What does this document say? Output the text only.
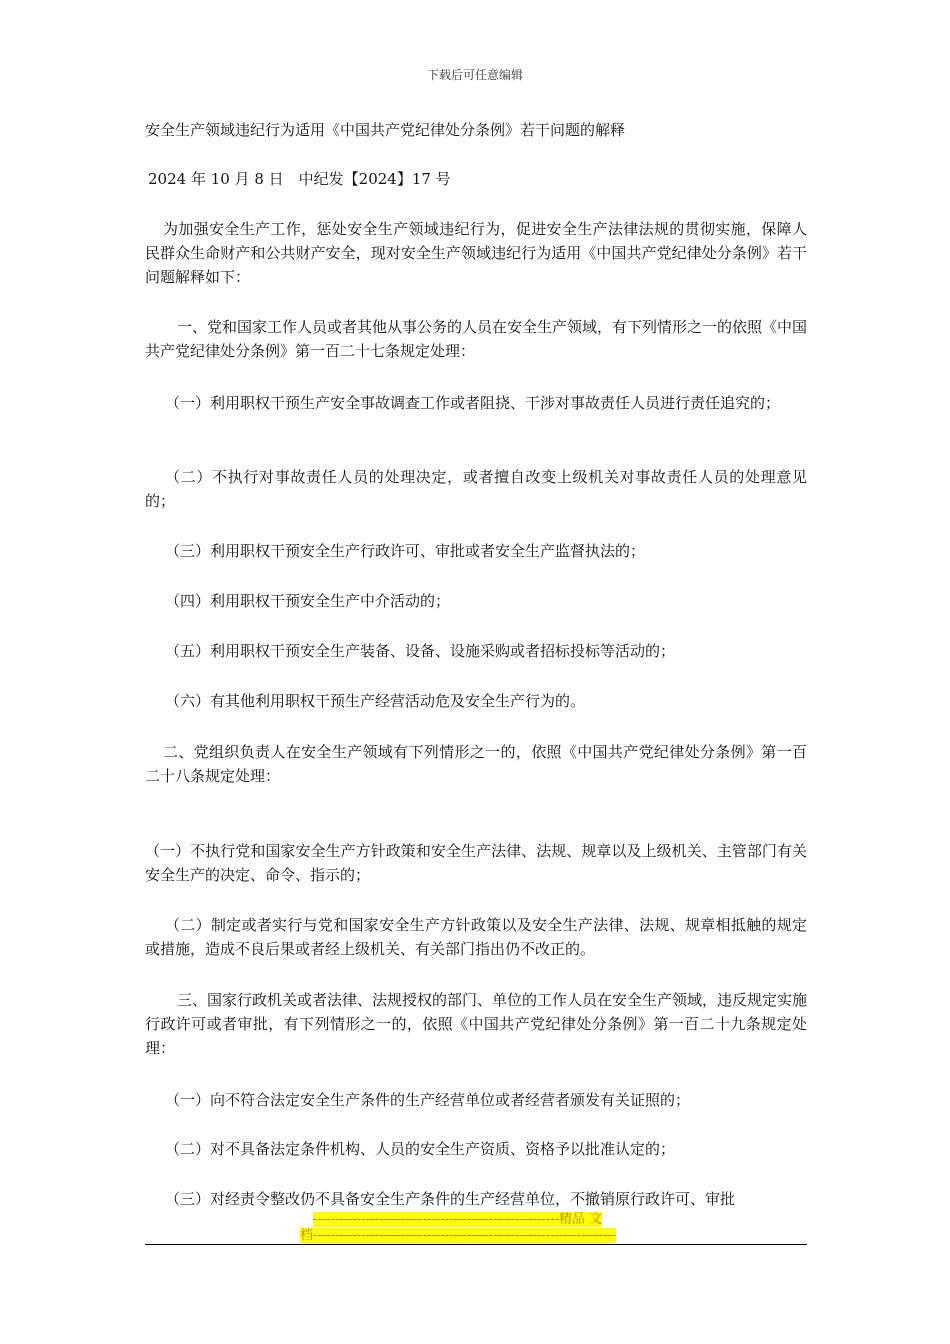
下载后可任意编辑

安全生产领域违纪行为适用《中国共产党纪律处分条例》若干问题的解释

2024 年 10 月 8 日　中纪发【2024】17 号

为加强安全生产工作，惩处安全生产领域违纪行为，促进安全生产法律法规的贯彻实施，保障人民群众生命财产和公共财产安全，现对安全生产领域违纪行为适用《中国共产党纪律处分条例》若干问题解释如下：

一、党和国家工作人员或者其他从事公务的人员在安全生产领域，有下列情形之一的依照《中国共产党纪律处分条例》第一百二十七条规定处理：

（一）利用职权干预生产安全事故调查工作或者阻挠、干涉对事故责任人员进行责任追究的；

（二）不执行对事故责任人员的处理决定，或者擅自改变上级机关对事故责任人员的处理意见的；

（三）利用职权干预安全生产行政许可、审批或者安全生产监督执法的；

（四）利用职权干预安全生产中介活动的；

（五）利用职权干预安全生产装备、设备、设施采购或者招标投标等活动的；

（六）有其他利用职权干预生产经营活动危及安全生产行为的。

二、党组织负责人在安全生产领域有下列情形之一的，依照《中国共产党纪律处分条例》第一百二十八条规定处理：

（一）不执行党和国家安全生产方针政策和安全生产法律、法规、规章以及上级机关、主管部门有关安全生产的决定、命令、指示的；

（二）制定或者实行与党和国家安全生产方针政策以及安全生产法律、法规、规章相抵触的规定或措施，造成不良后果或者经上级机关、有关部门指出仍不改正的。

三、国家行政机关或者法律、法规授权的部门、单位的工作人员在安全生产领域，违反规定实施行政许可或者审批，有下列情形之一的，依照《中国共产党纪律处分条例》第一百二十九条规定处理：

（一）向不符合法定安全生产条件的生产经营单位或者经营者颁发有关证照的；

（二）对不具备法定条件机构、人员的安全生产资质、资格予以批准认定的；

（三）对经责令整改仍不具备安全生产条件的生产经营单位，不撤销原行政许可、审批

--------------------------------------------------------精品 文
档---------------------------------------------------------------------
